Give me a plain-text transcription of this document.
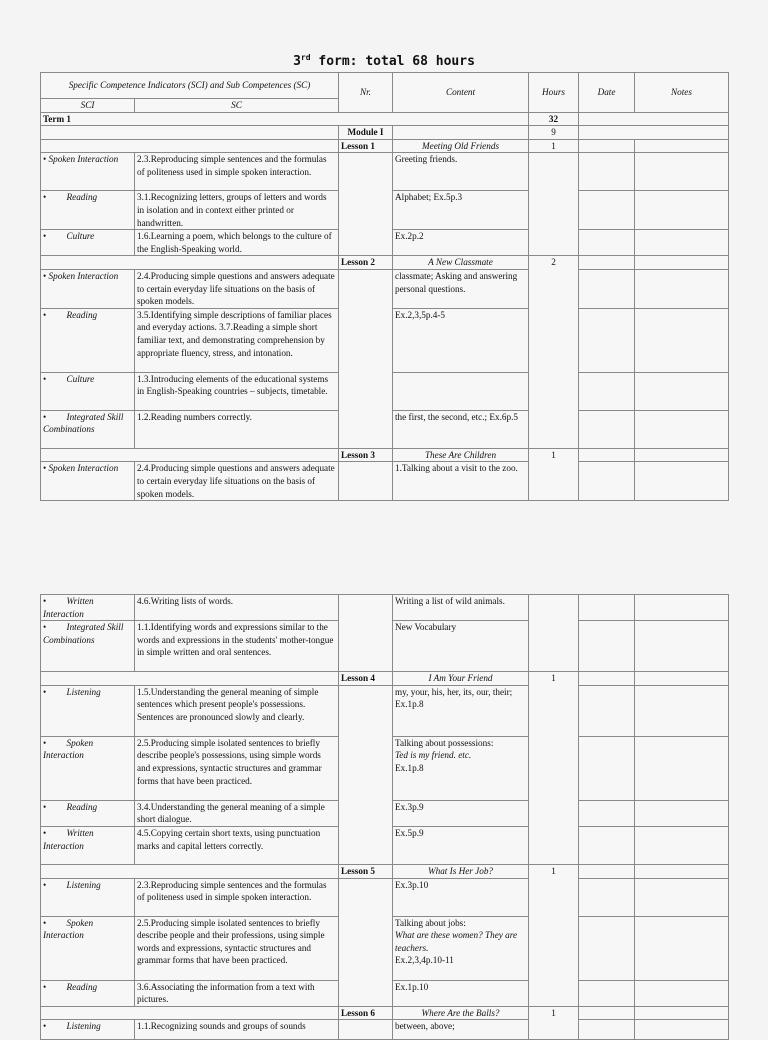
3rd form: total 68 hours
Specific Competence Indicators (SCI) and Sub Competences (SC)		Nr.	Content	Hours	Date	Notes
SCI	SC					
Term 1				32		
		Module I		9		
		Lesson 1	Meeting Old Friends	1		
• Spoken Interaction	2.3.Reproducing simple sentences and the formulas of politeness used in simple spoken interaction.		Greeting friends.			
• Reading	3.1.Recognizing letters, groups of letters and words in isolation and in context either printed or handwritten.		Alphabet; Ex.5p.3			
• Culture	1.6.Learning a poem, which belongs to the culture of the English-Speaking world.		Ex.2p.2			
		Lesson 2	A New Classmate	2		
• Spoken Interaction	2.4.Producing simple questions and answers adequate to certain everyday life situations on the basis of spoken models.		classmate; Asking and answering personal questions.			
• Reading	3.5.Identifying simple descriptions of familiar places and everyday actions. 3.7.Reading a simple short familiar text, and demonstrating comprehension by appropriate fluency, stress, and intonation.		Ex.2,3,5p.4-5			
• Culture	1.3.Introducing elements of the educational systems in English-Speaking countries – subjects, timetable.					
• Integrated Skill Combinations	1.2.Reading numbers correctly.		the first, the second, etc.; Ex.6p.5			
		Lesson 3	These Are Children	1		
• Spoken Interaction	2.4.Producing simple questions and answers adequate to certain everyday life situations on the basis of spoken models.		1.Talking about a visit to the zoo.			
• Written Interaction	4.6.Writing lists of words.		Writing a list of wild animals.			
• Integrated Skill Combinations	1.1.Identifying words and expressions similar to the words and expressions in the students' mother-tongue in simple written and oral sentences.		New Vocabulary			
		Lesson 4	I Am Your Friend	1		
• Listening	1.5.Understanding the general meaning of simple sentences which present people's possessions. Sentences are pronounced slowly and clearly.		my, your, his, her, its, our, their; Ex.1p.8			
• Spoken Interaction	2.5.Producing simple isolated sentences to briefly describe people's possessions, using simple words and expressions, syntactic structures and grammar forms that have been practiced.		Talking about possessions:
Ted is my friend. etc.
Ex.1p.8			

• Reading	3.4.Understanding the general meaning of a simple short dialogue.		Ex.3p.9			
• Written Interaction	4.5.Copying certain short texts, using punctuation marks and capital letters correctly.		Ex.5p.9			
		Lesson 5	What Is Her Job?	1		
• Listening	2.3.Reproducing simple sentences and the formulas of politeness used in simple spoken interaction.		Ex.3p.10			
• Spoken Interaction	2.5.Producing simple isolated sentences to briefly describe people and their professions, using simple words and expressions, syntactic structures and grammar forms that have been practiced.		Talking about jobs:
What are these women? They are teachers.
Ex.2,3,4p.10-11			

• Reading	3.6.Associating the information from a text with pictures.		Ex.1p.10			
		Lesson 6	Where Are the Balls?	1		
• Listening	1.1.Recognizing sounds and groups of sounds		between, above;			
